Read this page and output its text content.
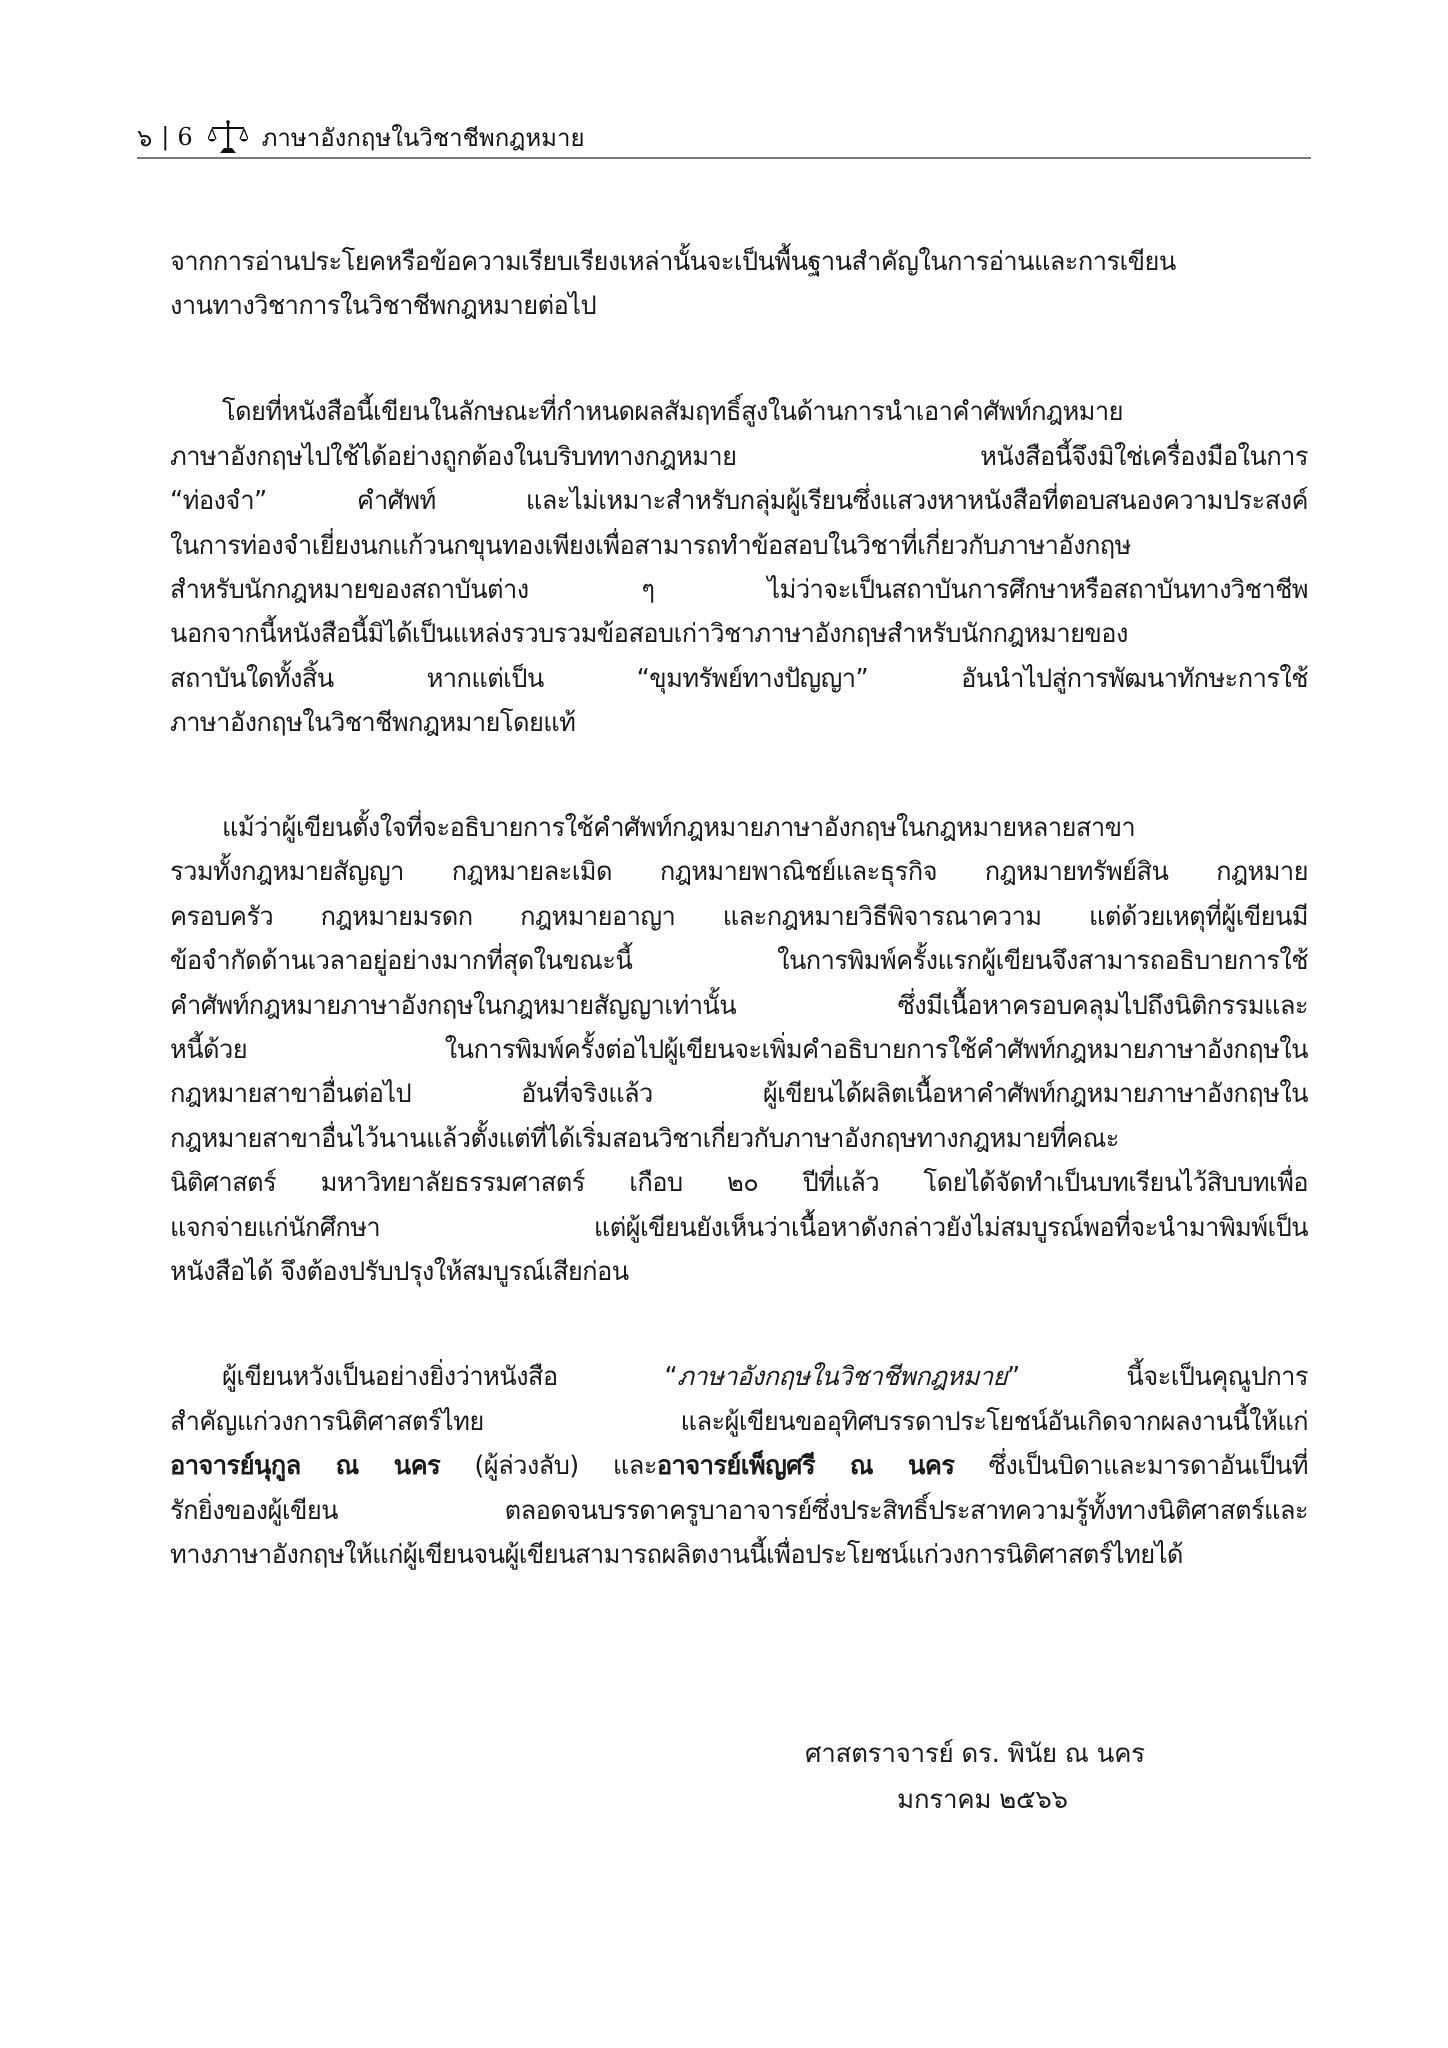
๖ | 6	ภาษาอังกฤษในวิชาชีพกฎหมาย
จากการอ่านประโยคหรือข้อความเรียบเรียงเหล่านั้นจะเป็นพื้นฐานสำคัญในการอ่านและการเขียน
งานทางวิชาการในวิชาชีพกฎหมายต่อไป
โดยที่หนังสือนี้เขียนในลักษณะที่กำหนดผลสัมฤทธิ์สูงในด้านการนำเอาคำศัพท์กฎหมาย
ภาษาอังกฤษไปใช้ได้อย่างถูกต้องในบริบททางกฎหมาย หนังสือนี้จึงมิใช่เครื่องมือในการ
“ท่องจำ” คำศัพท์ และไม่เหมาะสำหรับกลุ่มผู้เรียนซึ่งแสวงหาหนังสือที่ตอบสนองความประสงค์
ในการท่องจำเยี่ยงนกแก้วนกขุนทองเพียงเพื่อสามารถทำข้อสอบในวิชาที่เกี่ยวกับภาษาอังกฤษ
สำหรับนักกฎหมายของสถาบันต่าง ๆ ไม่ว่าจะเป็นสถาบันการศึกษาหรือสถาบันทางวิชาชีพ
นอกจากนี้หนังสือนี้มิได้เป็นแหล่งรวบรวมข้อสอบเก่าวิชาภาษาอังกฤษสำหรับนักกฎหมายของ
สถาบันใดทั้งสิ้น หากแต่เป็น “ขุมทรัพย์ทางปัญญา” อันนำไปสู่การพัฒนาทักษะการใช้
ภาษาอังกฤษในวิชาชีพกฎหมายโดยแท้
แม้ว่าผู้เขียนตั้งใจที่จะอธิบายการใช้คำศัพท์กฎหมายภาษาอังกฤษในกฎหมายหลายสาขา
รวมทั้งกฎหมายสัญญา กฎหมายละเมิด กฎหมายพาณิชย์และธุรกิจ กฎหมายทรัพย์สิน กฎหมาย
ครอบครัว กฎหมายมรดก กฎหมายอาญา และกฎหมายวิธีพิจารณาความ แต่ด้วยเหตุที่ผู้เขียนมี
ข้อจำกัดด้านเวลาอยู่อย่างมากที่สุดในขณะนี้ ในการพิมพ์ครั้งแรกผู้เขียนจึงสามารถอธิบายการใช้
คำศัพท์กฎหมายภาษาอังกฤษในกฎหมายสัญญาเท่านั้น ซึ่งมีเนื้อหาครอบคลุมไปถึงนิติกรรมและ
หนี้ด้วย ในการพิมพ์ครั้งต่อไปผู้เขียนจะเพิ่มคำอธิบายการใช้คำศัพท์กฎหมายภาษาอังกฤษใน
กฎหมายสาขาอื่นต่อไป อันที่จริงแล้ว ผู้เขียนได้ผลิตเนื้อหาคำศัพท์กฎหมายภาษาอังกฤษใน
กฎหมายสาขาอื่นไว้นานแล้วตั้งแต่ที่ได้เริ่มสอนวิชาเกี่ยวกับภาษาอังกฤษทางกฎหมายที่คณะ
นิติศาสตร์ มหาวิทยาลัยธรรมศาสตร์ เกือบ ๒๐ ปีที่แล้ว โดยได้จัดทำเป็นบทเรียนไว้สิบบทเพื่อ
แจกจ่ายแก่นักศึกษา แต่ผู้เขียนยังเห็นว่าเนื้อหาดังกล่าวยังไม่สมบูรณ์พอที่จะนำมาพิมพ์เป็น
หนังสือได้ จึงต้องปรับปรุงให้สมบูรณ์เสียก่อน
ผู้เขียนหวังเป็นอย่างยิ่งว่าหนังสือ “ภาษาอังกฤษในวิชาชีพกฎหมาย” นี้จะเป็นคุณูปการ
สำคัญแก่วงการนิติศาสตร์ไทย และผู้เขียนขออุทิศบรรดาประโยชน์อันเกิดจากผลงานนี้ให้แก่
อาจารย์นุกูล ณ นคร (ผู้ล่วงลับ) และอาจารย์เพ็ญศรี ณ นคร ซึ่งเป็นบิดาและมารดาอันเป็นที่
รักยิ่งของผู้เขียน ตลอดจนบรรดาครูบาอาจารย์ซึ่งประสิทธิ์ประสาทความรู้ทั้งทางนิติศาสตร์และ
ทางภาษาอังกฤษให้แก่ผู้เขียนจนผู้เขียนสามารถผลิตงานนี้เพื่อประโยชน์แก่วงการนิติศาสตร์ไทยได้
ศาสตราจารย์ ดร. พินัย ณ นคร
มกราคม ๒๕๖๖
